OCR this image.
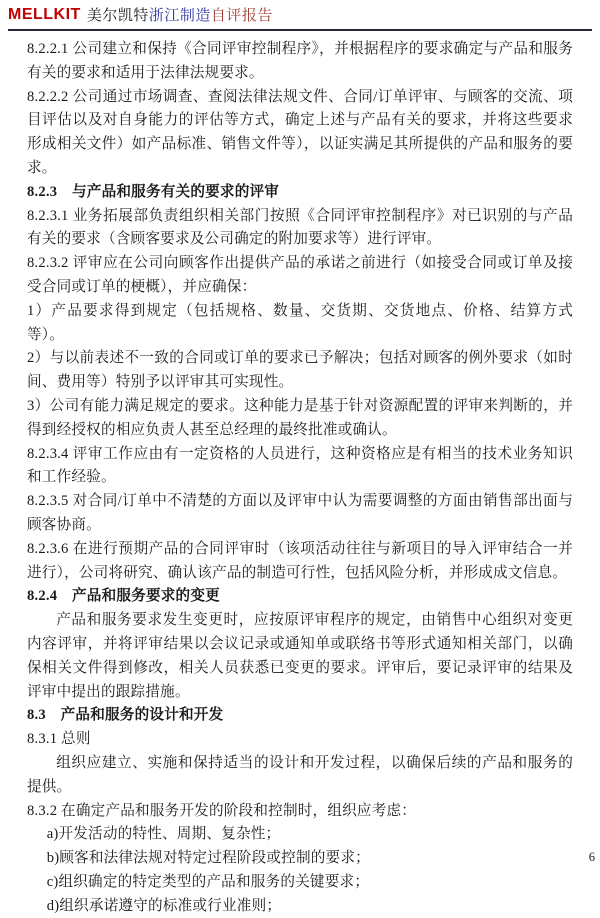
MELLKIT 美尔凯特 浙江制造 自评报告

8.2.2.1 公司建立和保持《合同评审控制程序》，并根据程序的要求确定与产品和服务有关的要求和适用于法律法规要求。

8.2.2.2 公司通过市场调查、查阅法律法规文件、合同/订单评审、与顾客的交流、项目评估以及对自身能力的评估等方式，确定上述与产品有关的要求，并将这些要求形成相关文件）如产品标准、销售文件等），以证实满足其所提供的产品和服务的要求。

8.2.3　与产品和服务有关的要求的评审

8.2.3.1 业务拓展部负责组织相关部门按照《合同评审控制程序》对已识别的与产品有关的要求（含顾客要求及公司确定的附加要求等）进行评审。

8.2.3.2 评审应在公司向顾客作出提供产品的承诺之前进行（如接受合同或订单及接受合同或订单的梗概），并应确保：

1）产品要求得到规定（包括规格、数量、交货期、交货地点、价格、结算方式等）。

2）与以前表述不一致的合同或订单的要求已予解决；包括对顾客的例外要求（如时间、费用等）特别予以评审其可实现性。

3）公司有能力满足规定的要求。这种能力是基于针对资源配置的评审来判断的，并得到经授权的相应负责人甚至总经理的最终批准或确认。

8.2.3.4 评审工作应由有一定资格的人员进行，这种资格应是有相当的技术业务知识和工作经验。

8.2.3.5 对合同/订单中不清楚的方面以及评审中认为需要调整的方面由销售部出面与顾客协商。

8.2.3.6 在进行预期产品的合同评审时（该项活动往往与新项目的导入评审结合一并进行），公司将研究、确认该产品的制造可行性，包括风险分析，并形成成文信息。

8.2.4　产品和服务要求的变更

产品和服务要求发生变更时，应按原评审程序的规定，由销售中心组织对变更内容评审，并将评审结果以会议记录或通知单或联络书等形式通知相关部门，以确保相关文件得到修改，相关人员获悉已变更的要求。评审后，要记录评审的结果及评审中提出的跟踪措施。

8.3　产品和服务的设计和开发

8.3.1 总则

组织应建立、实施和保持适当的设计和开发过程，以确保后续的产品和服务的提供。

8.3.2 在确定产品和服务开发的阶段和控制时，组织应考虑：

a)开发活动的特性、周期、复杂性；

b)顾客和法律法规对特定过程阶段或控制的要求；

c)组织确定的特定类型的产品和服务的关键要求；

d)组织承诺遵守的标准或行业准则；

6
